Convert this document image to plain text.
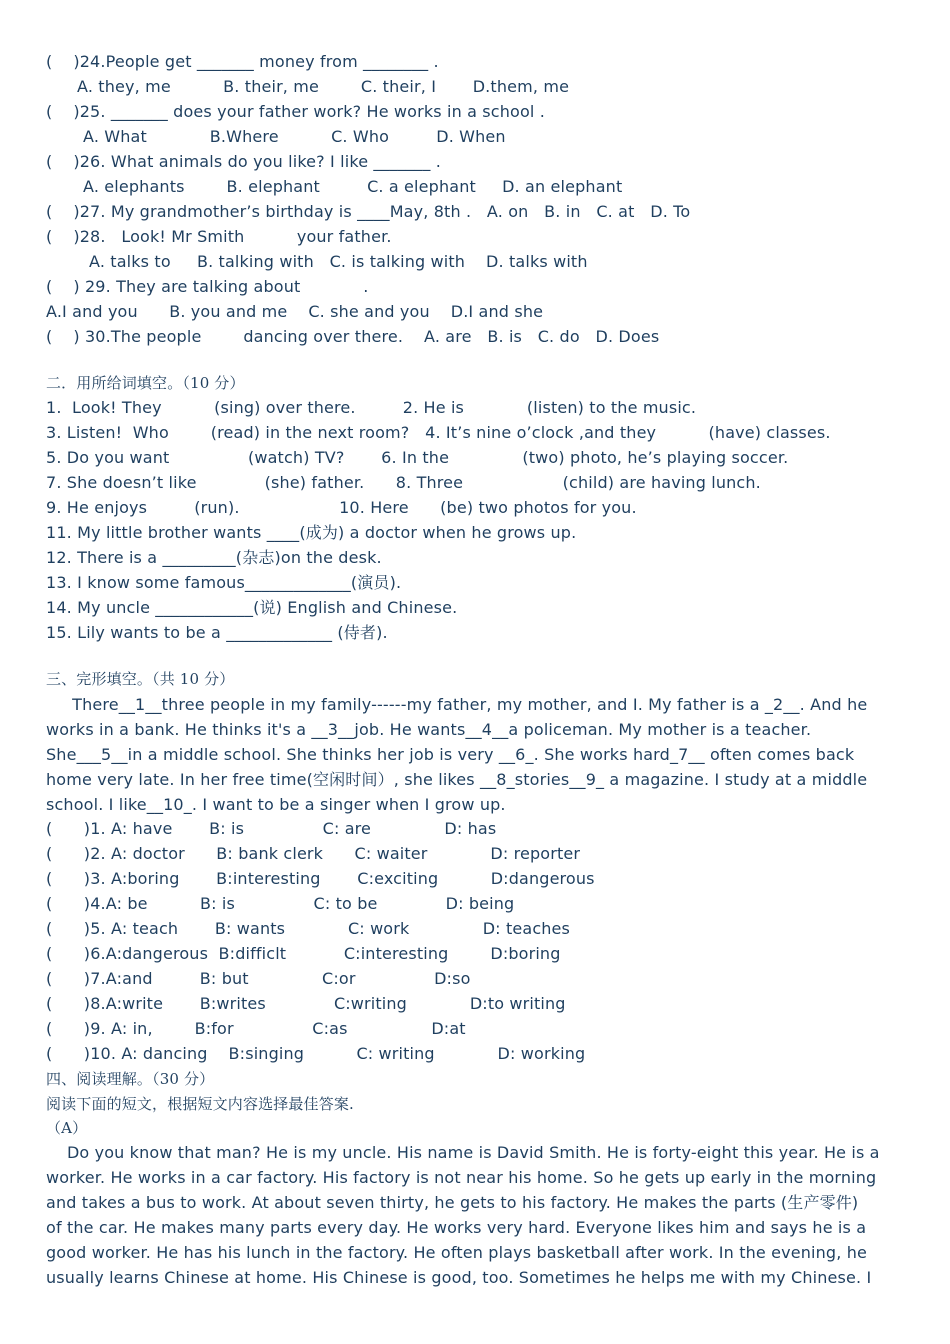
(    )24.People get _______ money from ________ .
A. they, me          B. their, me        C. their, I       D.them, me
(    )25. _______ does your father work? He works in a school .
A. What            B.Where          C. Who         D. When
(    )26. What animals do you like? I like _______ .
A. elephants        B. elephant         C. a elephant     D. an elephant
(    )27. My grandmother’s birthday is ____May, 8th .   A. on   B. in   C. at   D. To
(    )28.   Look! Mr Smith          your father.
A. talks to     B. talking with   C. is talking with    D. talks with
(    ) 29. They are talking about            .
A.I and you      B. you and me    C. she and you    D.I and she
(    ) 30.The people        dancing over there.    A. are   B. is   C. do   D. Does
二．用所给词填空。（10 分）
1.  Look! They          (sing) over there.         2. He is            (listen) to the music.
3. Listen!  Who        (read) in the next room?   4. It’s nine o’clock ,and they          (have) classes.
5. Do you want               (watch) TV?       6. In the              (two) photo, he’s playing soccer.
7. She doesn’t like             (she) father.      8. Three                   (child) are having lunch.
9. He enjoys         (run).                   10. Here      (be) two photos for you.
11. My little brother wants ____(成为) a doctor when he grows up.
12. There is a _________(杂志)on the desk.
13. I know some famous_____________(演员).
14. My uncle ____________(说) English and Chinese.
15. Lily wants to be a _____________ (侍者).
三、完形填空。（共 10 分）
There__1__three people in my family------my father, my mother, and I. My father is a _2__. And he
works in a bank. He thinks it's a __3__job. He wants__4__a policeman. My mother is a teacher.
She___5__in a middle school. She thinks her job is very __6_. She works hard_7__ often comes back
home very late. In her free time(空闲时间）, she likes __8_stories__9_ a magazine. I study at a middle
school. I like__10_. I want to be a singer when I grow up.
(      )1. A: have       B: is               C: are              D: has
(      )2. A: doctor      B: bank clerk      C: waiter            D: reporter
(      )3. A:boring       B:interesting       C:exciting          D:dangerous
(      )4.A: be          B: is               C: to be             D: being
(      )5. A: teach       B: wants            C: work              D: teaches
(      )6.A:dangerous  B:difficlt           C:interesting        D:boring
(      )7.A:and         B: but              C:or               D:so
(      )8.A:write       B:writes             C:writing            D:to writing
(      )9. A: in,        B:for               C:as                D:at
(      )10. A: dancing    B:singing          C: writing            D: working
四、阅读理解。（30 分）
阅读下面的短文，根据短文内容选择最佳答案.
（A）
Do you know that man? He is my uncle. His name is David Smith. He is forty-eight this year. He is a
worker. He works in a car factory. His factory is not near his home. So he gets up early in the morning
and takes a bus to work. At about seven thirty, he gets to his factory. He makes the parts (生产零件)
of the car. He makes many parts every day. He works very hard. Everyone likes him and says he is a
good worker. He has his lunch in the factory. He often plays basketball after work. In the evening, he
usually learns Chinese at home. His Chinese is good, too. Sometimes he helps me with my Chinese. I
